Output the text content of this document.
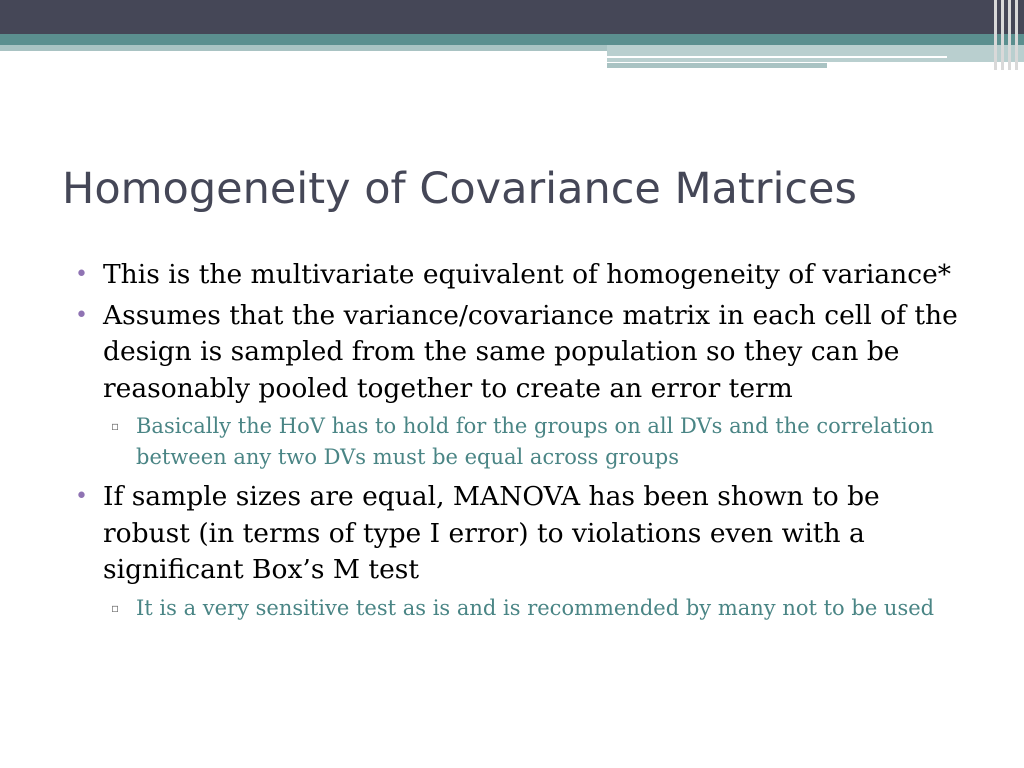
Homogeneity of Covariance Matrices
• This is the multivariate equivalent of homogeneity of variance*
• Assumes that the variance/covariance matrix in each cell of the design is sampled from the same population so they can be reasonably pooled together to create an error term
▫ Basically the HoV has to hold for the groups on all DVs and the correlation between any two DVs must be equal across groups
• If sample sizes are equal, MANOVA has been shown to be robust (in terms of type I error) to violations even with a significant Box’s M test
▫ It is a very sensitive test as is and is recommended by many not to be used
